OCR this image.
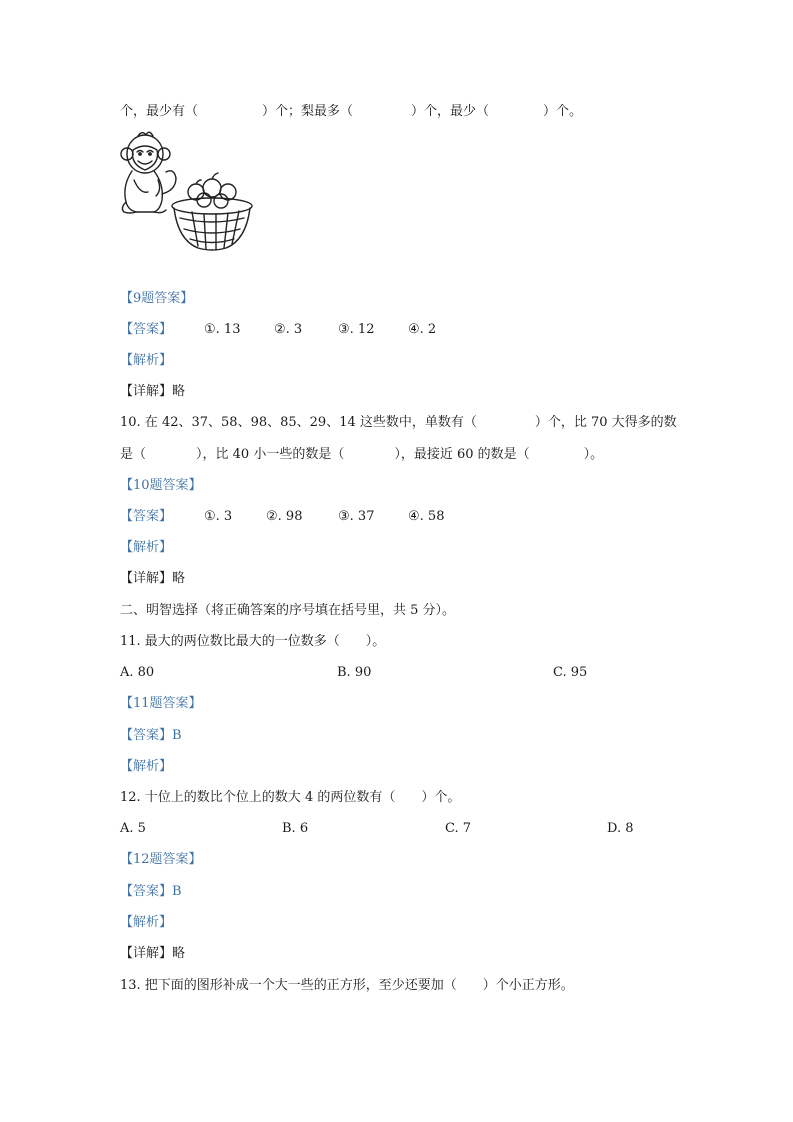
个，最少有（	）个；梨最多（	）个，最少（	）个。
【9题答案】
【答案】 ①. 13	②. 3	③. 12	④. 2
【解析】
【详解】略
10. 在 42、37、58、98、85、29、14 这些数中，单数有（	）个，比 70 大得多的数
是（	），比 40 小一些的数是（	），最接近 60 的数是（	）。
【10题答案】
【答案】 ①. 3	②. 98	③. 37	④. 58
【解析】
【详解】略
二、明智选择（将正确答案的序号填在括号里，共 5 分）。
11. 最大的两位数比最大的一位数多（　　）。
A. 80	B. 90	C. 95
【11题答案】
【答案】B
【解析】
12. 十位上的数比个位上的数大 4 的两位数有（　　）个。
A. 5	B. 6	C. 7	D. 8
【12题答案】
【答案】B
【解析】
【详解】略
13. 把下面的图形补成一个大一些的正方形，至少还要加（　　）个小正方形。
